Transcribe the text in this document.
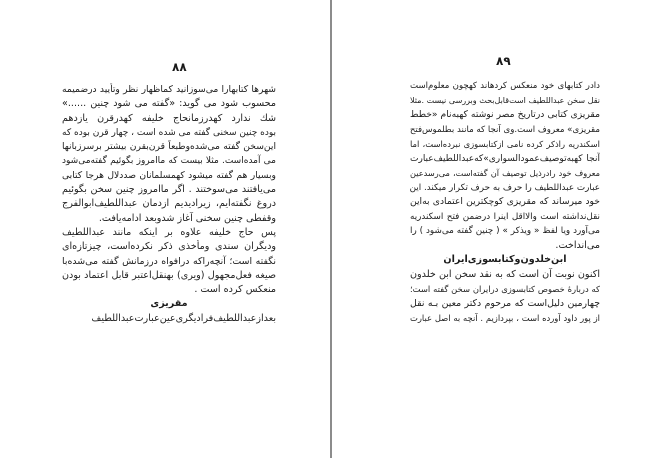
۸۸
شهرها کتابهارا می‌سوزانید کماظهار نظر وتأیید درضمیمه
محسوب شود می گوید: «گفته می شود چنین ......»
شك ندارد کهدرزمانحاج خلیفه کهدرقرن یازدهم
بوده چنین سخنی گفته می شده است ، چهار قرن بوده که
این‌سخن گفته می‌شده‌وطبعاً قرن‌بقرن بیشتر برسرزبانها
می آمده‌است. مثلا بیست که ماامروز بگوئیم گفته‌می‌شود
وبسیار هم گفته میشود کهمسلمانان صددلال هرجا کتابی
می‌یافتند می‌سوختند . اگر ماامروز چنین سخن بگوئیم
دروغ نگفته‌ایم، زیرادیدیم ازدمان عبداللطیف‌ابوالفرج
وقفطی چنین سخنی آغاز شدوبعد ادامه‌یافت.
پس حاج خلیفه علاوه بر اینکه مانند عبداللطیف
ودیگران سندی ومأخذی ذکر نکرده‌است، چیزتازه‌ای
نگفته است؛ آنچه‌راکه درافواه درزمانش گفته می‌شده‌با
صیغه فعل‌مجهول (ویری) بهنقل‌اعتبر قابل اعتماد بودن
منعکس کرده است .
مقریزی
بعدازعبداللطیف‌فرادیگری‌عین‌عبارت‌عبداللطیف
۸۹
دادر کتابهای خود منعکس کردهاند کهچون معلوم‌است
نقل سخن عبداللطیف است‌قابل‌بحث وبررسی نیست .مثلا
مقریزی کتابی درتاریخ مصر نوشته کهبه‌نام «خطط
مقریزی» معروف است.وی آنجا که مانند بطلموس‌فتح
اسکندریه راذکر کرده نامی ازکتابسوزی نبرده‌است، اما
آنجا کهبه‌توصیف‌عمودالسواری»که‌عبداللطیف‌عبارت
معروف خود رادرذیل توصیف آن گفته‌است، می‌رسدعین
عبارت عبداللطیف را حرف به حرف تکرار میکند. این
خود میرساند که مقریزی کوچکترین اعتمادی به‌این
نقل‌نداشته است والا‌اقل اینرا درضمن فتح اسکندریه
می‌آورد ویا لفظ « ویذکر » ( چنین گفته می‌شود ) را
می‌انداخت.
ابن‌خلدون‌و‌کتابسوزی‌ایران
اکنون نوبت آن است که به نقد سخن ابن خلدون
که دربارهٔ خصوص کتابسوزی درایران سخن گفته است؛
چهارمین دلیل‌است که مرحوم دکتر معین بـه نقل
از پور داود آورده است ، بپردازیم . آنچه به اصل عبارت
